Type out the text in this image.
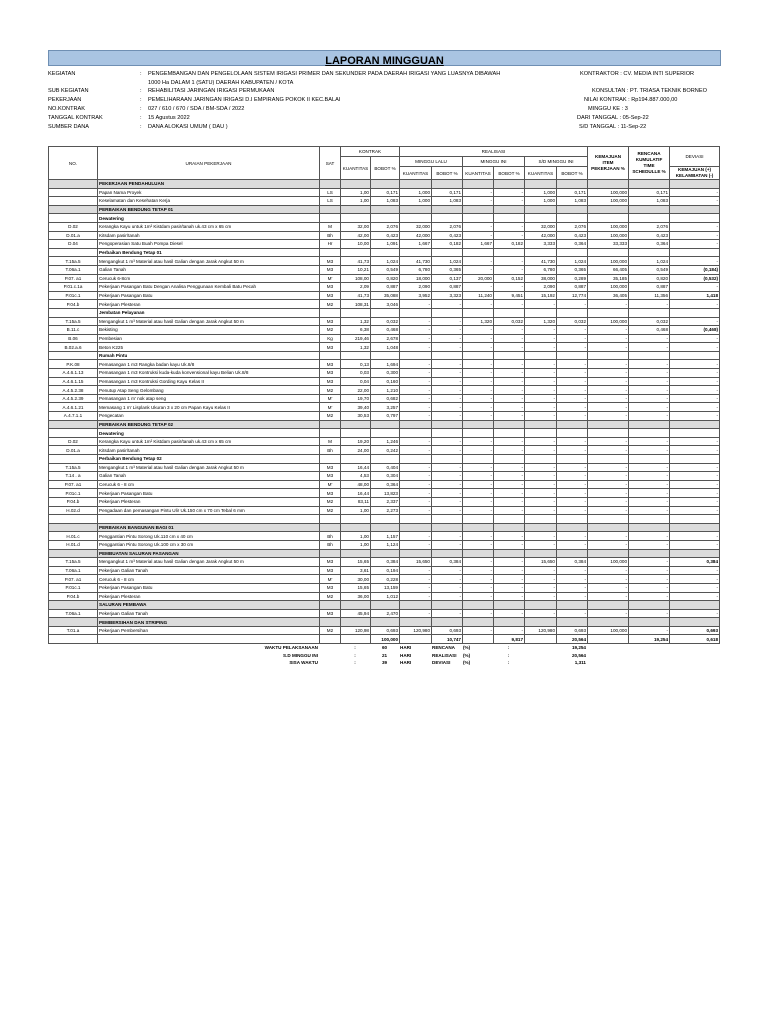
LAPORAN MINGGUAN
KEGIATAN	: PENGEMBANGAN DAN PENGELOLAAN SISTEM IRIGASI PRIMER DAN SEKUNDER PADA DAERAH IRIGASI YANG LUASNYA DIBAWAH 1000 Ha DALAM 1 (SATU) DAERAH KABUPATEN / KOTA
SUB KEGIATAN	: REHABILITASI JARINGAN IRIGASI PERMUKAAN
PEKERJAAN	: PEMELIHARAAN JARINGAN IRIGASI D.I EMPIRANG POKOK II KEC.BALAI
NO.KONTRAK	: 027 / 610 / 670 / SDA / BM-SDA / 2022
TANGGAL KONTRAK	: 15 Agustus 2022
SUMBER DANA	: DANA ALOKASI UMUM ( DAU )
KONTRAKTOR : CV. MEDIA INTI SUPERIOR
KONSULTAN : PT. TRIASA TEKNIK BORNEO
NILAI KONTRAK : Rp194.887.000,00
MINGGU KE : 3
DARI TANGGAL : 05-Sep-22
S/D TANGGAL : 11-Sep-22
NO.	URAIAN PEKERJAAN	SAT	KONTRAK		REALISASI						KEMAJUAN ITEM PEKERJAAN %	RENCANA KUMULATIF TIME SCHEDULLE %	DEVIASI
			KUANTITAS	BOBOT %	MINGGU LALU		MINGGU INI		S/D MINGGU INI				
					KUANTITAS	BOBOT %	KUANTITAS	BOBOT %	KUANTITAS	BOBOT %			KEMAJUAN (+) KELAMBATAN (-)
	PEKERJAAN PENDAHULUAN												
	Papan Nama Proyek	LS	1,00	0,171	1,000	0,171	-	-	1,000	0,171	100,000	0,171	-
	Keselamatan dan Kesehatan Kerja	LS	1,00	1,083	1,000	1,083	-	-	1,000	1,083	100,000	1,083	-
	PERBAIKAN BENDUNG TETAP 01												
	Dewatering												
D.02	Kerangka Kayu untuk 1m² Kistdam pasir/tanah uk.43 cm x 65 cm	M	32,00	2,076	32,000	2,076	-	-	32,000	2,076	100,000	2,076	-
D.01.a	Kitsdam pasir/tanah	Bh	42,00	0,423	42,000	0,423	-	-	42,000	0,423	100,000	0,423	-
D.04	Pengoperasian Satu Buah Pompa Diesel	Hr	10,00	1,091	1,667	0,182	1,667	0,182	3,333	0,364	33,333	0,364	-
	Perbaikan Bendung Tetap 01												
T.15a.5	Mengangkut 1 m³ Material atau hasil Galian dengan Jarak Angkut 50 m	M3	41,73	1,024	41,730	1,024	-	-	41,730	1,024	100,000	1,024	-
T.06a.1	Galian Tanah	M3	10,21	0,549	6,780	0,365	-	-	6,780	0,365	66,405	0,549	(0,184)
P.07. a1	Cerucuk 6-8cm	M'	108,00	0,820	18,000	0,137	20,000	0,152	38,000	0,289	35,185	0,820	(0,532)
P.01.c.1a	Pekerjaan Pasangan Batu Dengan Analisa Penggunaan Kembali Batu Pecah	M3	2,09	0,887	2,090	0,887	-	-	2,090	0,887	100,000	0,887	-
P.01c.1	Pekerjaan Pasangan Batu	M3	41,73	35,088	3,952	3,323	11,240	9,451	15,192	12,774	36,405	11,356	1,418
P.04.b	Pekerjaan Plesteran	M2	108,31	3,046	-	-	-	-	-	-	-	-	-
	Jembatan Pelayanan												
T.15a.5	Mengangkut 1 m³ Material atau hasil Galian dengan Jarak Angkut 50 m	M3	1,32	0,032	-	-	1,320	0,032	1,320	0,032	100,000	0,032	-
B.11.c	Bekisting	M2	6,38	0,468	-	-	-	-	-	-	-	0,468	(0,468)
B.06	Pembesian	Kg	219,46	2,678	-	-	-	-	-	-	-	-	-
B.02.a.6	Beton K225	M3	1,32	1,048	-	-	-	-	-	-	-	-	-
	Rumah Pintu												
P.K.08	Pemasangan 1 m3 Rangka badan kayu Uk.8/8	M3	0,13	1,694	-	-	-	-	-	-	-	-	-
A.4.6.1.13	Pemasangan 1 m3 Kontruksi kuda-kuda konvensional kayu Belian Uk.8/8	M3	0,03	0,300	-	-	-	-	-	-	-	-	-
A.4.6.1.15	Pemasangan 1 m3 Kontruksi Gording Kayu Kelas II	M3	0,04	0,160	-	-	-	-	-	-	-	-	-
A.4.5.2.38	Penutup Atap Seng Gelombang	M2	22,00	1,210	-	-	-	-	-	-	-	-	-
A.4.5.2.39	Pemasangan 1 m' nok atap seng	M'	19,70	0,682	-	-	-	-	-	-	-	-	-
A.4.6.1.21	Memasang 1 m' Lisplank Ukuran 3 x 20 cm Papan Kayu Kelas II	M'	39,40	3,257	-	-	-	-	-	-	-	-	-
A.4.7.1.1	Pengecatan	M2	30,53	0,797	-	-	-	-	-	-	-	-	-
	PERBAIKAN BENDUNG TETAP 02												
	Dewatering												
D.02	Kerangka Kayu untuk 1m² Kistdam pasir/tanah uk.43 cm x 65 cm	M	19,20	1,246	-	-	-	-	-	-	-	-	-
D.01.a	Kitsdam pasir/tanah	Bh	24,00	0,242	-	-	-	-	-	-	-	-	-
	Perbaikan Bendung Tetap 02												
T.15a.5	Mengangkut 1 m³ Material atau hasil Galian dengan Jarak Angkut 50 m	M3	16,44	0,404	-	-	-	-	-	-	-	-	-
T.14 . a	Galian Tanah	M3	4,53	0,304	-	-	-	-	-	-	-	-	-
P.07. a1	Cerucuk 6 - 8 cm	M'	48,00	0,364	-	-	-	-	-	-	-	-	-
P.01c.1	Pekerjaan Pasangan Batu	M3	16,44	13,823	-	-	-	-	-	-	-	-	-
P.04.b	Pekerjaan Plesteran	M2	83,11	2,337	-	-	-	-	-	-	-	-	-
H.02.d	Pengadaan dan pemasangan Pintu Ulir Uk.150 cm x 70 cm Tebal 6 mm	M2	1,00	2,273	-	-	-	-	-	-	-	-	-

	PERBAIKAN BANGUNAN BAGI 01												
H.01.c	Penggantian Pintu Sorong Uk.110 cm x 40 cm	Bh	1,00	1,157	-	-	-	-	-	-	-	-	-
H.01.d	Penggantian Pintu Sorong Uk.100 cm x 30 cm	Bh	1,00	1,124	-	-	-	-	-	-	-	-	-
	PEMBUATAN SALURAN PASANGAN												
T.15a.5	Mengangkut 1 m³ Material atau hasil Galian dengan Jarak Angkut 50 m	M3	15,65	0,384	15,650	0,384	-	-	15,650	0,384	100,000	-	0,384
T.06a.1	Pekerjaan Galian Tanah	M3	3,61	0,194	-	-	-	-	-	-	-	-	-
P.07. a1	Cerucuk 6 - 8 cm	M'	30,00	0,228	-	-	-	-	-	-	-	-	-
P.01c.1	Pekerjaan Pasangan Batu	M3	15,65	13,159	-	-	-	-	-	-	-	-	-
P.04.b	Pekerjaan Plesteran	M2	36,00	1,012	-	-	-	-	-	-	-	-	-
	SALURAN PEMBAWA												
T.06a.1	Pekerjaan Galian Tanah	M3	45,94	2,470	-	-	-	-	-	-	-	-	-
	PEMBERSIHAN DAN STRIPING												
T.01.a	Pekerjaan Pembersihan	M2	120,98	0,693	120,980	0,693	-	-	120,980	0,693	100,000	-	0,693
				100,000		10,747		9,817		20,564		19,254	0,618
	WAKTU PELAKSANAAN		:	60	HARI	RENCANA	(%)	:		19,254			
	S.D MINGGU INI		:	21	HARI	REALISASI	(%)	:		20,564			
	SISA WAKTU		:	39	HARI	DEVIASI	(%)	:		1,311			
